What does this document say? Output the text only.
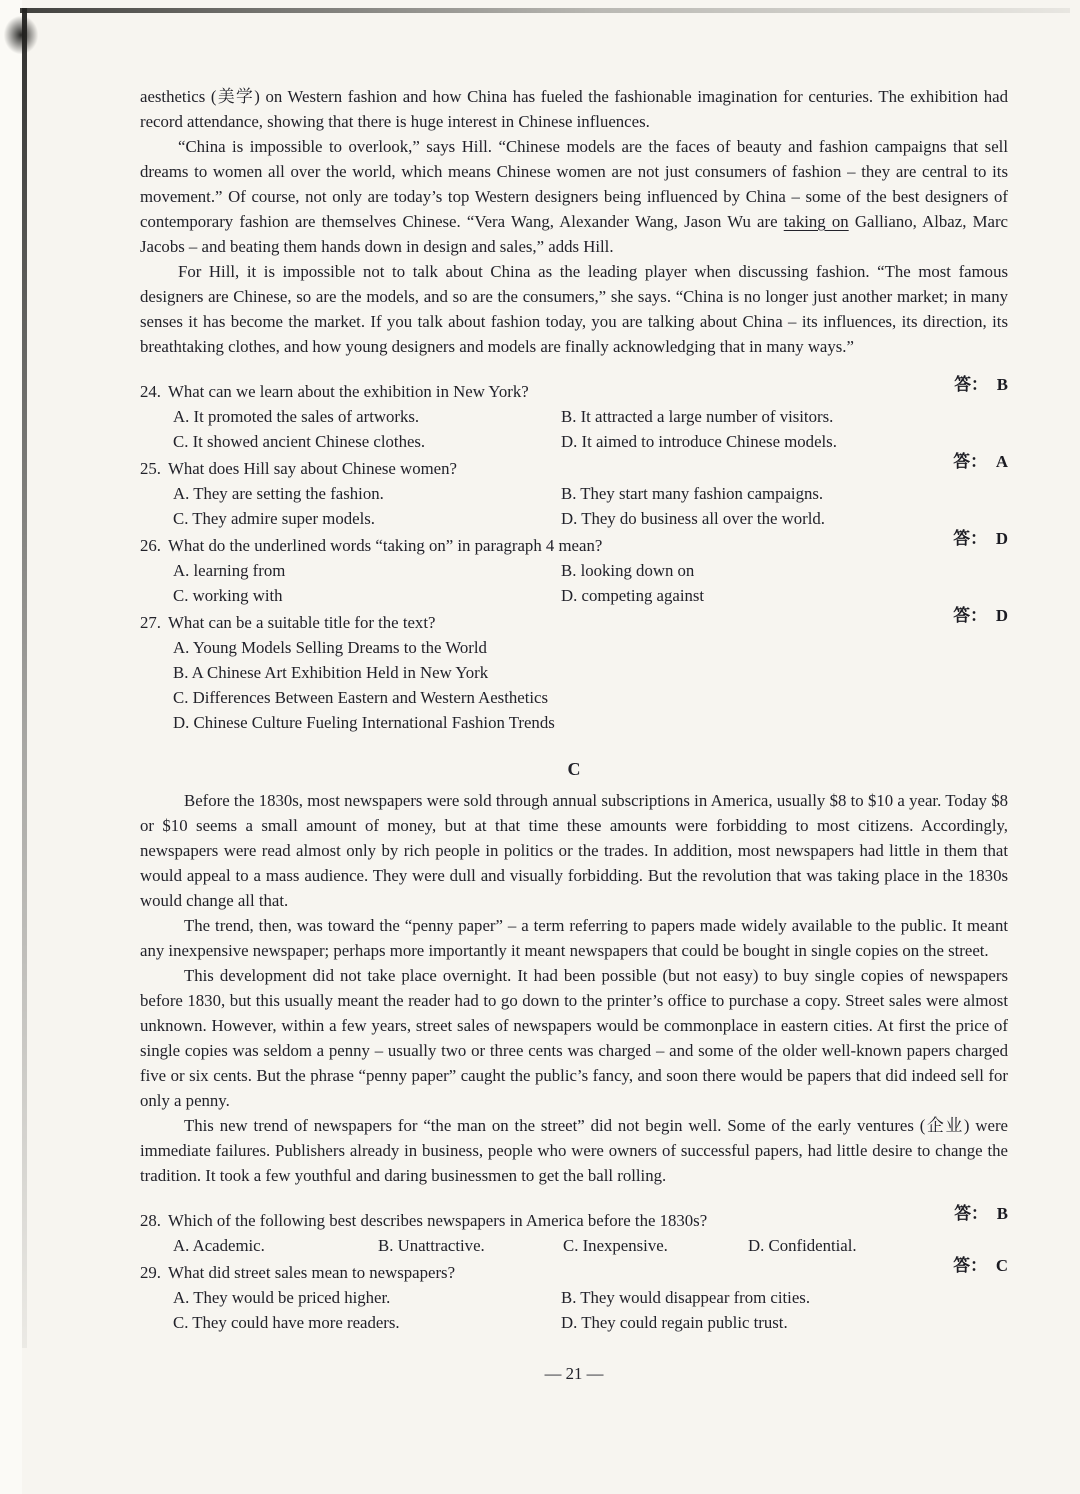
aesthetics (美学) on Western fashion and how China has fueled the fashionable imagination for centuries. The exhibition had record attendance, showing that there is huge interest in Chinese influences.

“China is impossible to overlook,” says Hill. “Chinese models are the faces of beauty and fashion campaigns that sell dreams to women all over the world, which means Chinese women are not just consumers of fashion – they are central to its movement.” Of course, not only are today’s top Western designers being influenced by China – some of the best designers of contemporary fashion are themselves Chinese. “Vera Wang, Alexander Wang, Jason Wu are taking on Galliano, Albaz, Marc Jacobs – and beating them hands down in design and sales,” adds Hill.

For Hill, it is impossible not to talk about China as the leading player when discussing fashion. “The most famous designers are Chinese, so are the models, and so are the consumers,” she says. “China is no longer just another market; in many senses it has become the market. If you talk about fashion today, you are talking about China – its influences, its direction, its breathtaking clothes, and how young designers and models are finally acknowledging that in many ways.”

24. What can we learn about the exhibition in New York?	答： B
A. It promoted the sales of artworks.	B. It attracted a large number of visitors.
C. It showed ancient Chinese clothes.	D. It aimed to introduce Chinese models.
25. What does Hill say about Chinese women?	答： A
A. They are setting the fashion.	B. They start many fashion campaigns.
C. They admire super models.	D. They do business all over the world.
26. What do the underlined words “taking on” in paragraph 4 mean?	答： D
A. learning from	B. looking down on
C. working with	D. competing against
27. What can be a suitable title for the text?	答： D
A. Young Models Selling Dreams to the World
B. A Chinese Art Exhibition Held in New York
C. Differences Between Eastern and Western Aesthetics
D. Chinese Culture Fueling International Fashion Trends

C

Before the 1830s, most newspapers were sold through annual subscriptions in America, usually $8 to $10 a year. Today $8 or $10 seems a small amount of money, but at that time these amounts were forbidding to most citizens. Accordingly, newspapers were read almost only by rich people in politics or the trades. In addition, most newspapers had little in them that would appeal to a mass audience. They were dull and visually forbidding. But the revolution that was taking place in the 1830s would change all that.

The trend, then, was toward the “penny paper” – a term referring to papers made widely available to the public. It meant any inexpensive newspaper; perhaps more importantly it meant newspapers that could be bought in single copies on the street.

This development did not take place overnight. It had been possible (but not easy) to buy single copies of newspapers before 1830, but this usually meant the reader had to go down to the printer’s office to purchase a copy. Street sales were almost unknown. However, within a few years, street sales of newspapers would be commonplace in eastern cities. At first the price of single copies was seldom a penny – usually two or three cents was charged – and some of the older well-known papers charged five or six cents. But the phrase “penny paper” caught the public’s fancy, and soon there would be papers that did indeed sell for only a penny.

This new trend of newspapers for “the man on the street” did not begin well. Some of the early ventures (企业) were immediate failures. Publishers already in business, people who were owners of successful papers, had little desire to change the tradition. It took a few youthful and daring businessmen to get the ball rolling.

28. Which of the following best describes newspapers in America before the 1830s?	答： B
A. Academic.	B. Unattractive.	C. Inexpensive.	D. Confidential.
29. What did street sales mean to newspapers?	答： C
A. They would be priced higher.	B. They would disappear from cities.
C. They could have more readers.	D. They could regain public trust.
— 21 —
